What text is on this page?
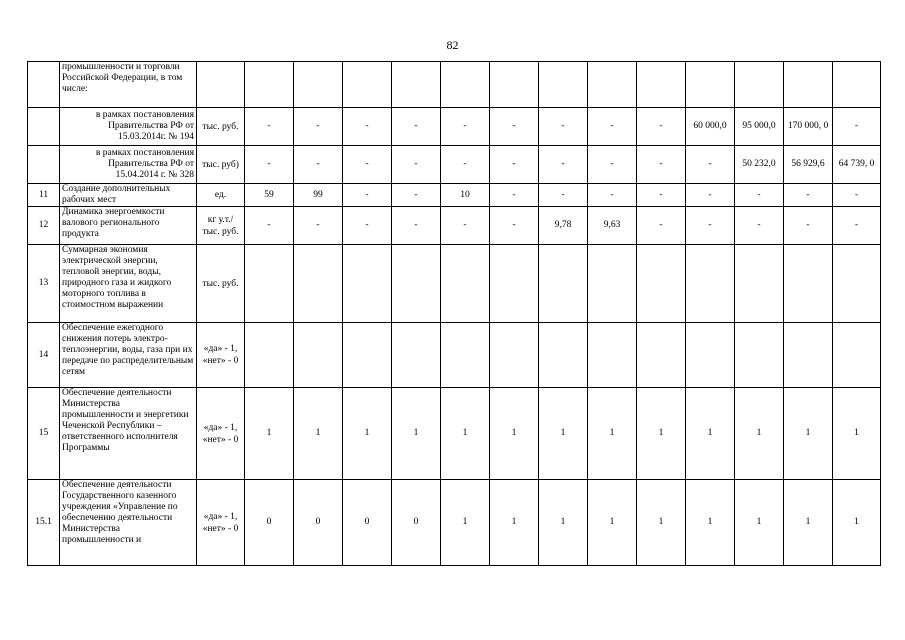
82
	промышленности и торговли Российской Федерации, в том числе:														
	в рамках постановления Правительства РФ от 15.03.2014г. № 194	тыс. руб.	-	-	-	-	-	-	-	-	-	60 000,0	95 000,0	170 000, 0	-
	в рамках постановления Правительства РФ от 15.04.2014 г. № 328	тыс. руб)	-	-	-	-	-	-	-	-	-	-	50 232,0	56 929,6	64 739, 0
11	Создание дополнительных рабочих мест	ед.	59	99	-	-	10	-	-	-	-	-	-	-	-
12	Динамика энергоемкости валового регионального продукта	кг у.т./ тыс. руб.	-	-	-	-	-	-	9,78	9,63	-	-	-	-	-
13	Суммарная экономия электрической энергии, тепловой энергии, воды, природного газа и жидкого моторного топлива в стоимостном выражении	тыс. руб.													
14	Обеспечение ежегодного снижения потерь электро-теплоэнергии, воды, газа при их передаче по распределительным сетям	«да» - 1, «нет» - 0													
15	Обеспечение деятельности Министерства промышленности и энергетики Чеченской Республики – ответственного исполнителя Программы	«да» - 1, «нет» - 0	1	1	1	1	1	1	1	1	1	1	1	1	1
15.1	Обеспечение деятельности Государственного казенного учреждения «Управление по обеспечению деятельности Министерства промышленности и	«да» - 1, «нет» - 0	0	0	0	0	1	1	1	1	1	1	1	1	1
